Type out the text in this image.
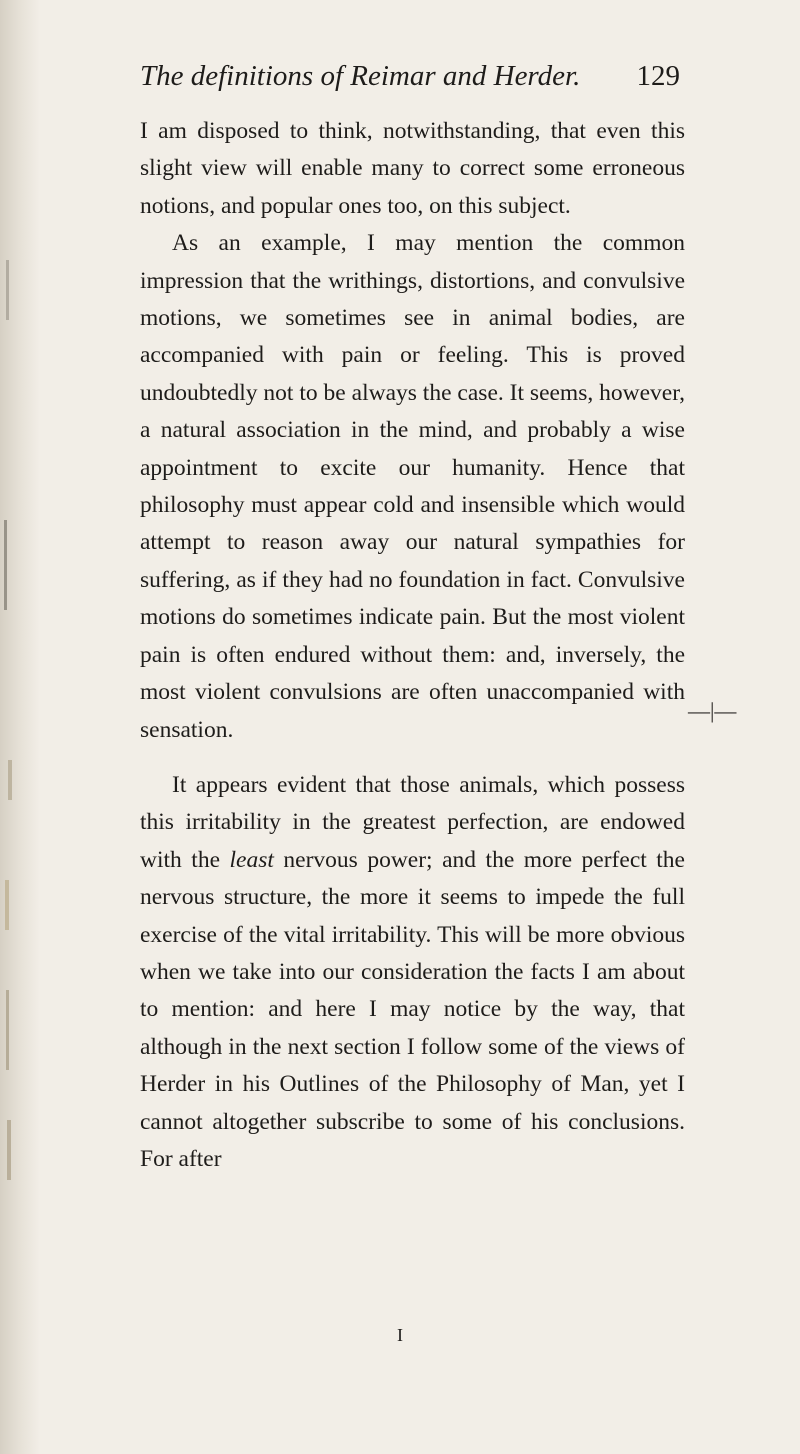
The definitions of Reimar and Herder. 129

I am disposed to think, notwithstanding, that even this slight view will enable many to correct some erroneous notions, and popular ones too, on this subject.

As an example, I may mention the common impression that the writhings, distortions, and convulsive motions, we sometimes see in animal bodies, are accompanied with pain or feeling. This is proved undoubtedly not to be always the case. It seems, however, a natural association in the mind, and probably a wise appointment to excite our humanity. Hence that philosophy must appear cold and insensible which would attempt to reason away our natural sympathies for suffering, as if they had no foundation in fact. Convulsive motions do sometimes indicate pain. But the most violent pain is often endured without them: and, inversely, the most violent convulsions are often unaccompanied with sensation.

It appears evident that those animals, which possess this irritability in the greatest perfection, are endowed with the least nervous power; and the more perfect the nervous structure, the more it seems to impede the full exercise of the vital irritability. This will be more obvious when we take into our consideration the facts I am about to mention: and here I may notice by the way, that although in the next section I follow some of the views of Herder in his Outlines of the Philosophy of Man, yet I cannot altogether subscribe to some of his conclusions. For after

—|—
I
